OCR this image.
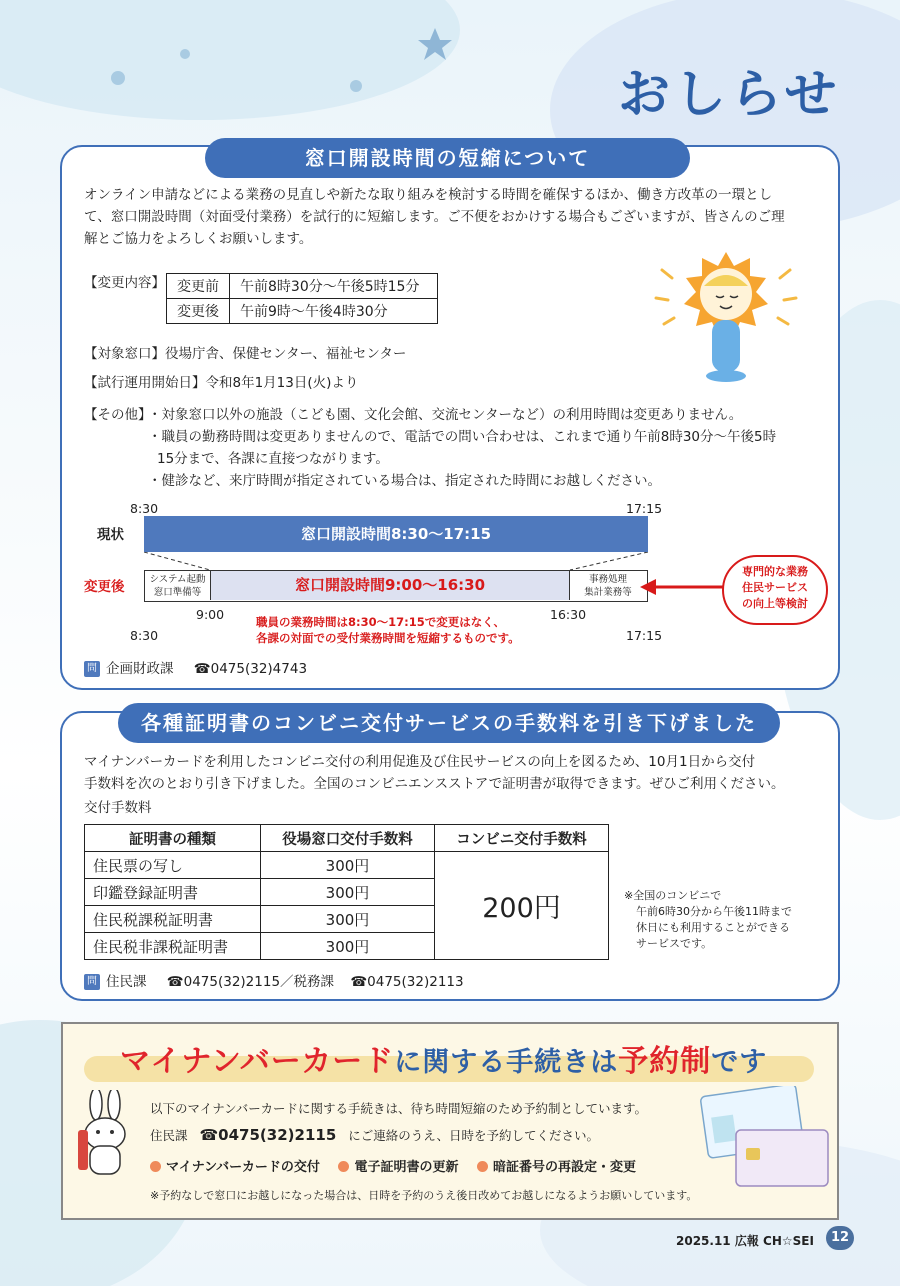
おしらせ
窓口開設時間の短縮について
オンライン申請などによる業務の見直しや新たな取り組みを検討する時間を確保するほか、働き方改革の一環とし
て、窓口開設時間（対面受付業務）を試行的に短縮します。ご不便をおかけする場合もございますが、皆さんのご理
解とご協力をよろしくお願いします。
【変更内容】 変更前	午前8時30分〜午後5時15分
変更後	午前9時〜午後4時30分
【対象窓口】役場庁舎、保健センター、福祉センター
【試行運用開始日】令和8年1月13日(火)より
【その他】
・対象窓口以外の施設（こども園、文化会館、交流センターなど）の利用時間は変更ありません。
・職員の勤務時間は変更ありませんので、電話での問い合わせは、これまで通り午前8時30分〜午後5時
15分まで、各課に直接つながります。
・健診など、来庁時間が指定されている場合は、指定された時間にお越しください。
8:30	17:15
現状	窓口開設時間8:30〜17:15
変更後	システム起動
窓口準備等	窓口開設時間9:00〜16:30	事務処理
集計業務等
専門的な業務
住民サービス
の向上等検討
9:00	16:30
8:30	17:15
職員の業務時間は8:30〜17:15で変更はなく、
各課の対面での受付業務時間を短縮するものです。
問 企画財政課 ☎0475(32)4743
各種証明書のコンビニ交付サービスの手数料を引き下げました
マイナンバーカードを利用したコンビニ交付の利用促進及び住民サービスの向上を図るため、10月1日から交付
手数料を次のとおり引き下げました。全国のコンビニエンスストアで証明書が取得できます。ぜひご利用ください。
交付手数料
証明書の種類	役場窓口交付手数料	コンビニ交付手数料
住民票の写し	300円	200円
印鑑登録証明書	300円	
住民税課税証明書	300円	
住民税非課税証明書	300円	
※全国のコンビニで
午前6時30分から午後11時まで
休日にも利用することができる
サービスです。
問 住民課 ☎0475(32)2115／税務課 ☎0475(32)2113
マイナンバーカードに関する手続きは予約制です
以下のマイナンバーカードに関する手続きは、待ち時間短縮のため予約制としています。
住民課 ☎0475(32)2115 にご連絡のうえ、日時を予約してください。
マイナンバーカードの交付	電子証明書の更新	暗証番号の再設定・変更
※予約なしで窓口にお越しになった場合は、日時を予約のうえ後日改めてお越しになるようお願いしています。
2025.11 広報 CH☆SEI	12
